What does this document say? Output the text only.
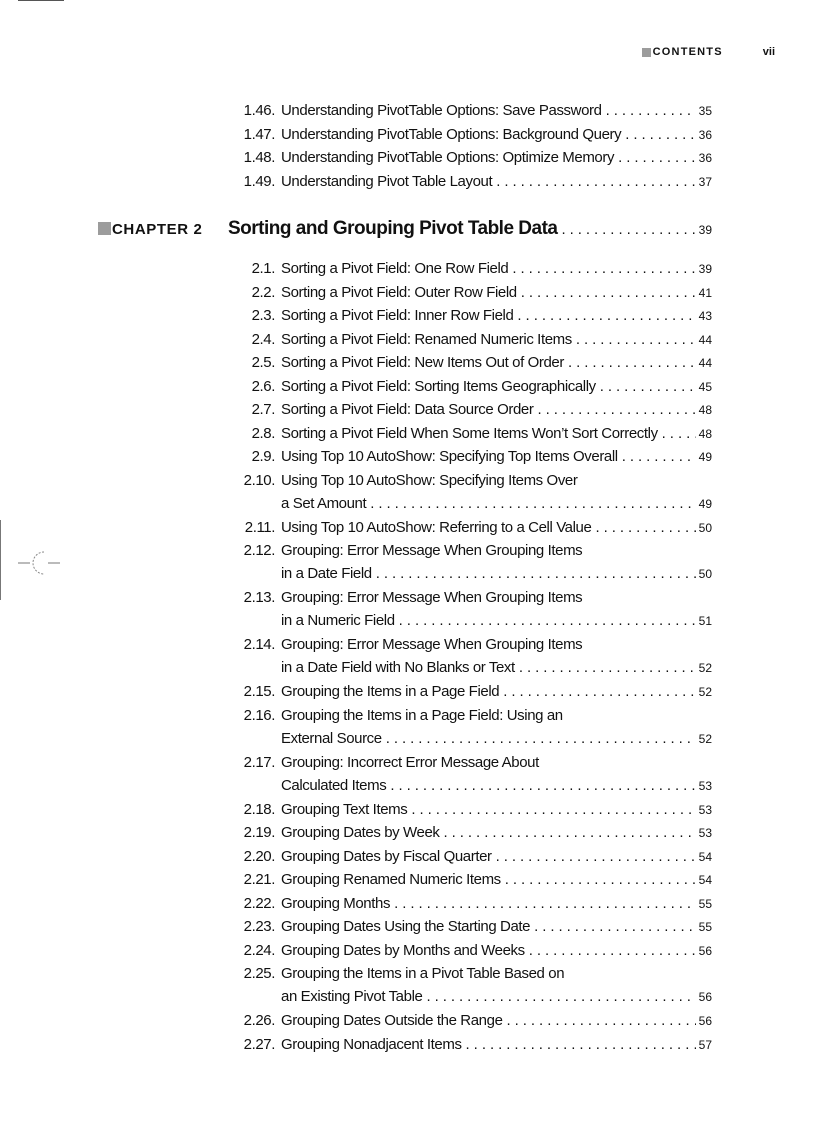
CONTENTS	vii
CHAPTER 2	Sorting and Grouping Pivot Table Data . . .	39
1.46. Understanding PivotTable Options: Save Password . . .	35
1.47. Understanding PivotTable Options: Background Query . . .	36
1.48. Understanding PivotTable Options: Optimize Memory . . .	36
1.49. Understanding Pivot Table Layout . . .	37
2.1. Sorting a Pivot Field: One Row Field . . .	39
2.2. Sorting a Pivot Field: Outer Row Field . . .	41
2.3. Sorting a Pivot Field: Inner Row Field . . .	43
2.4. Sorting a Pivot Field: Renamed Numeric Items . . .	44
2.5. Sorting a Pivot Field: New Items Out of Order . . .	44
2.6. Sorting a Pivot Field: Sorting Items Geographically . . .	45
2.7. Sorting a Pivot Field: Data Source Order . . .	48
2.8. Sorting a Pivot Field When Some Items Won’t Sort Correctly . . .	48
2.9. Using Top 10 AutoShow: Specifying Top Items Overall . . .	49
2.10. Using Top 10 AutoShow: Specifying Items Over
a Set Amount . . .	49
2.11. Using Top 10 AutoShow: Referring to a Cell Value . . .	50
2.12. Grouping: Error Message When Grouping Items
in a Date Field . . .	50
2.13. Grouping: Error Message When Grouping Items
in a Numeric Field . . .	51
2.14. Grouping: Error Message When Grouping Items
in a Date Field with No Blanks or Text . . .	52
2.15. Grouping the Items in a Page Field . . .	52
2.16. Grouping the Items in a Page Field: Using an
External Source . . .	52
2.17. Grouping: Incorrect Error Message About
Calculated Items . . .	53
2.18. Grouping Text Items . . .	53
2.19. Grouping Dates by Week . . .	53
2.20. Grouping Dates by Fiscal Quarter . . .	54
2.21. Grouping Renamed Numeric Items . . .	54
2.22. Grouping Months . . .	55
2.23. Grouping Dates Using the Starting Date . . .	55
2.24. Grouping Dates by Months and Weeks . . .	56
2.25. Grouping the Items in a Pivot Table Based on
an Existing Pivot Table . . .	56
2.26. Grouping Dates Outside the Range . . .	56
2.27. Grouping Nonadjacent Items . . .	57
